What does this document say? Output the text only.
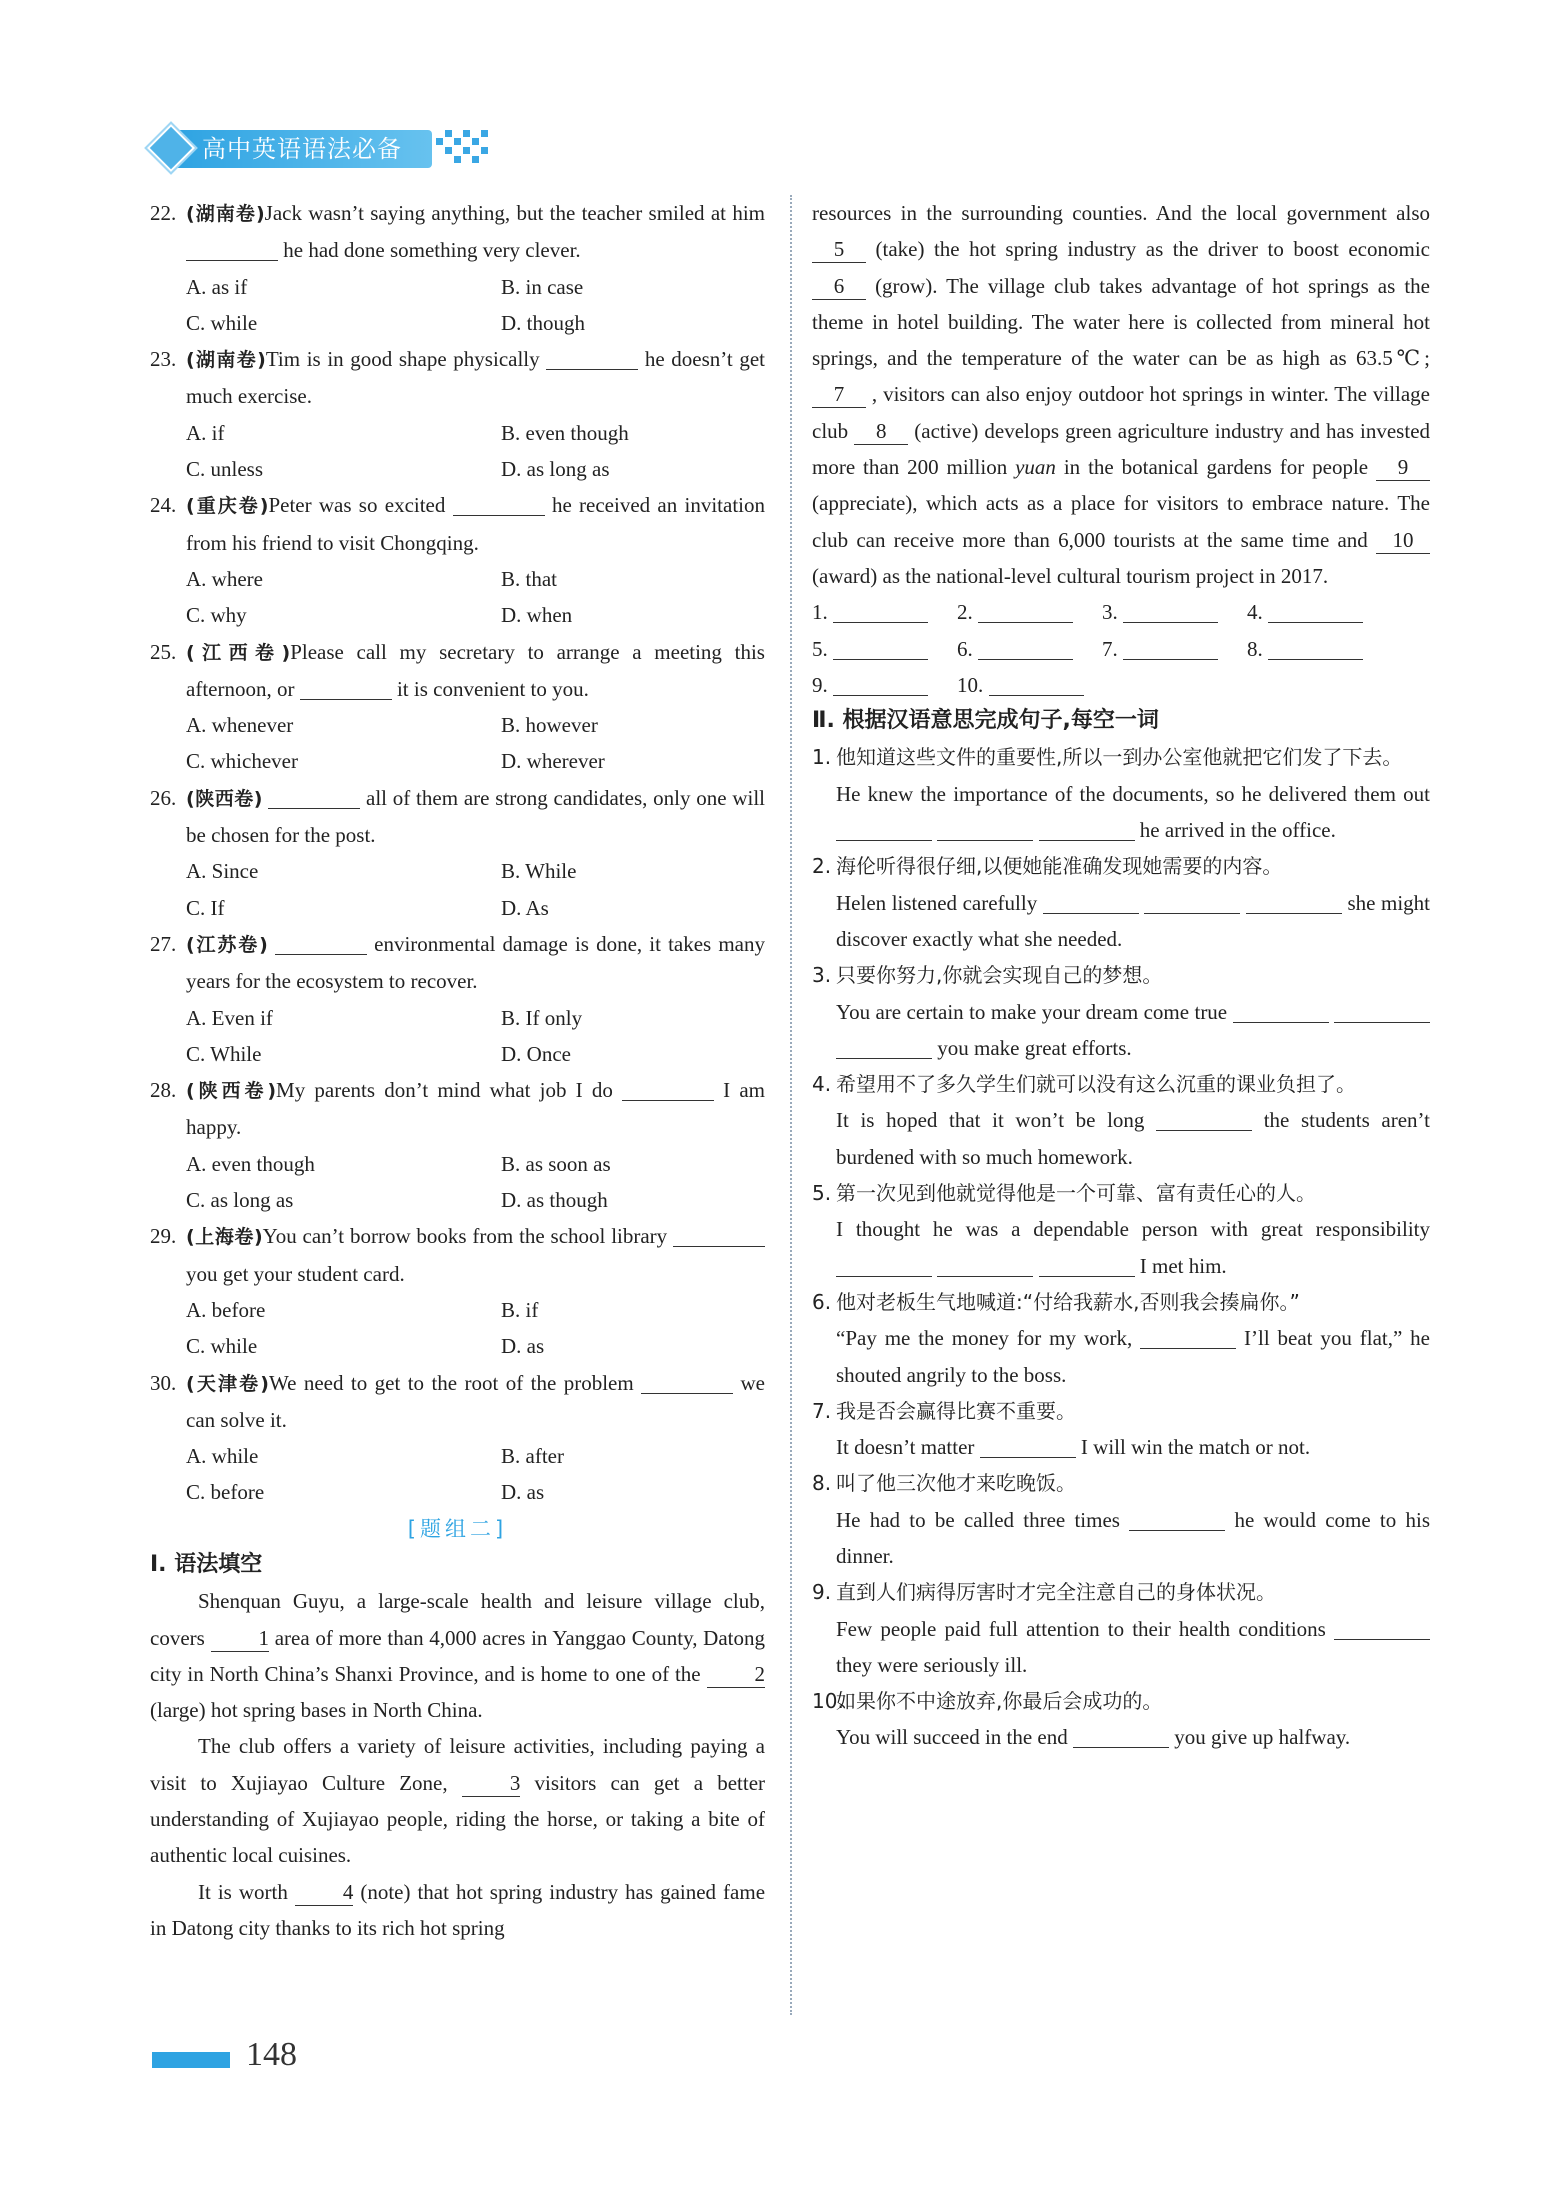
高中英语语法必备
22. (湖南卷)Jack wasn’t saying anything, but the teacher smiled at him  he had done something very clever.
A. as if	B. in case
C. while	D. though
23. (湖南卷)Tim is in good shape physically	he doesn’t get much exercise.
A. if	B. even though
C. unless	D. as long as
24. (重庆卷)Peter was so excited	he received an invitation from his friend to visit Chongqing.
A. where	B. that
C. why	D. when
25. (江西卷)Please call my secretary to arrange a meeting this afternoon, or	it is convenient to you.
A. whenever	B. however
C. whichever	D. wherever
26. (陕西卷)	all of them are strong candidates, only one will be chosen for the post.
A. Since	B. While
C. If	D. As
27. (江苏卷)	environmental damage is done, it takes many years for the ecosystem to recover.
A. Even if	B. If only
C. While	D. Once
28. (陕西卷)My parents don’t mind what job I do	I am happy.
A. even though	B. as soon as
C. as long as	D. as though
29. (上海卷)You can’t borrow books from the school library  you get your student card.
A. before	B. if
C. while	D. as
30. (天津卷)We need to get to the root of the problem	we can solve it.
A. while	B. after
C. before	D. as
[题组二]
Ⅰ. 语法填空
Shenquan Guyu, a large-scale health and leisure village club, covers	1 area of more than 4,000 acres in Yanggao County, Datong city in North China’s Shanxi Province, and is home to one of the	2 (large) hot spring bases in North China.
The club offers a variety of leisure activities, including paying a visit to Xujiayao Culture Zone,	3 visitors can get a better understanding of Xujiayao people, riding the horse, or taking a bite of authentic local cuisines.
It is worth	4 (note) that hot spring industry has gained fame in Datong city thanks to its rich hot spring
resources in the surrounding counties. And the local government also 5 (take) the hot spring industry as the driver to boost economic 6 (grow). The village club takes advantage of hot springs as the theme in hotel building. The water here is collected from mineral hot springs, and the temperature of the water can be as high as 63.5℃; 7 , visitors can also enjoy outdoor hot springs in winter. The village club 8 (active) develops green agriculture industry and has invested more than 200 million yuan in the botanical gardens for people 9 (appreciate), which acts as a place for visitors to embrace nature. The club can receive more than 6,000 tourists at the same time and 10 (award) as the national-level cultural tourism project in 2017.
1.	2.	3.	4.
5.	6.	7.	8.
9.	10.
Ⅱ. 根据汉语意思完成句子,每空一词
1. 他知道这些文件的重要性,所以一到办公室他就把它们发了下去。
He knew the importance of the documents, so he delivered them out    he arrived in the office.
2. 海伦听得很仔细,以便她能准确发现她需要的内容。
Helen listened carefully	she might discover exactly what she needed.
3. 只要你努力,你就会实现自己的梦想。
You are certain to make your dream come true    you make great efforts.
4. 希望用不了多久学生们就可以没有这么沉重的课业负担了。
It is hoped that it won’t be long	the students aren’t burdened with so much homework.
5. 第一次见到他就觉得他是一个可靠、富有责任心的人。
I thought he was a dependable person with great responsibility    I met him.
6. 他对老板生气地喊道:“付给我薪水,否则我会揍扁你。”
“Pay me the money for my work,	I’ll beat you flat,” he shouted angrily to the boss.
7. 我是否会赢得比赛不重要。
It doesn’t matter	I will win the match or not.
8. 叫了他三次他才来吃晚饭。
He had to be called three times	he would come to his dinner.
9. 直到人们病得厉害时才完全注意自己的身体状况。
Few people paid full attention to their health conditions  they were seriously ill.
10.
如果你不中途放弃,你最后会成功的。
You will succeed in the end	you give up halfway.
148
